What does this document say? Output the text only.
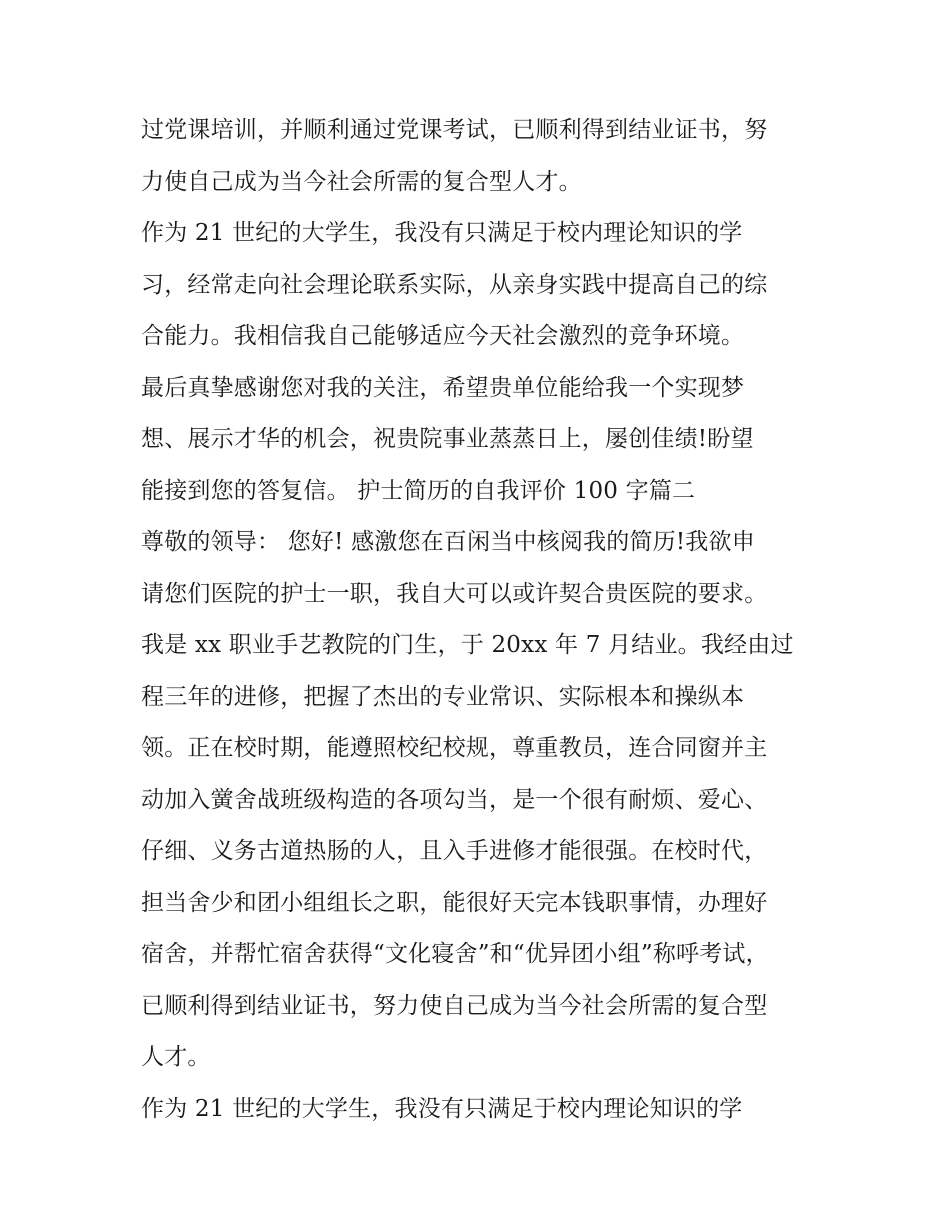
过党课培训，并顺利通过党课考试，已顺利得到结业证书，努
力使自己成为当今社会所需的复合型人才。
作为 21 世纪的大学生，我没有只满足于校内理论知识的学
习，经常走向社会理论联系实际，从亲身实践中提高自己的综
合能力。我相信我自己能够适应今天社会激烈的竞争环境。
最后真挚感谢您对我的关注，希望贵单位能给我一个实现梦
想、展示才华的机会，祝贵院事业蒸蒸日上，屡创佳绩!盼望
能接到您的答复信。 护士简历的自我评价 100 字篇二
尊敬的领导： 您好! 感激您在百闲当中核阅我的简历!我欲申
请您们医院的护士一职，我自大可以或许契合贵医院的要求。
我是 xx 职业手艺教院的门生，于 20xx 年 7 月结业。我经由过
程三年的进修，把握了杰出的专业常识、实际根本和操纵本
领。正在校时期，能遵照校纪校规，尊重教员，连合同窗并主
动加入黉舍战班级构造的各项勾当，是一个很有耐烦、爱心、
仔细、义务古道热肠的人，且入手进修才能很强。在校时代，
担当舍少和团小组组长之职，能很好天完本钱职事情，办理好
宿舍，并帮忙宿舍获得“文化寝舍”和“优异团小组”称呼考试，
已顺利得到结业证书，努力使自己成为当今社会所需的复合型
人才。
作为 21 世纪的大学生，我没有只满足于校内理论知识的学
